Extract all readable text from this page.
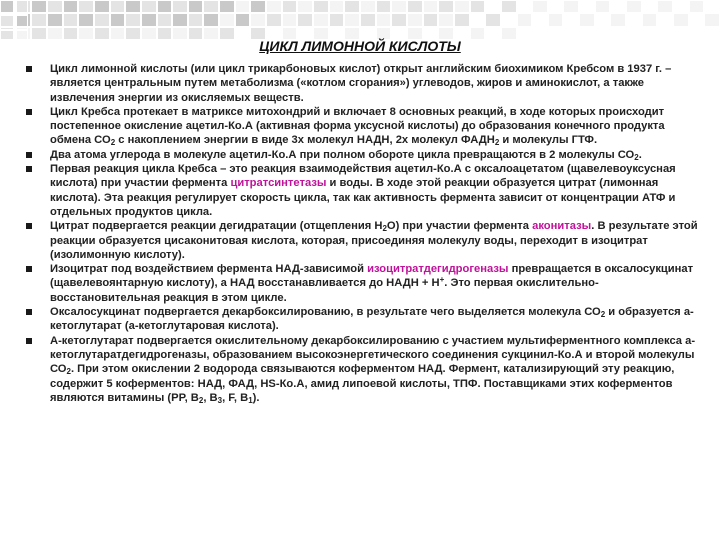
ЦИКЛ ЛИМОННОЙ КИСЛОТЫ
Цикл лимонной кислоты (или цикл трикарбоновых кислот) открыт английским биохимиком Кребсом в 1937 г. – является центральным путем метаболизма («котлом сгорания») углеводов, жиров и аминокислот, а также извлечения энергии из окисляемых веществ.
Цикл Кребса протекает в матриксе митохондрий и включает 8 основных реакций, в ходе которых происходит постепенное окисление ацетил-Ко.А (активная форма уксусной кислоты) до образования конечного продукта обмена $СО_2$ с накоплением энергии в виде 3х молекул НАДН, 2х молекул $ФАДН_2$ и молекулы ГТФ.
Два атома углерода в молекуле ацетил-Ко.А при полном обороте цикла превращаются в 2 молекулы $СО_2$.
Первая реакция цикла Кребса – это реакция взаимодействия ацетил-Ко.А с оксалоацетатом (щавелевоуксусная кислота) при участии фермента цитратсинтетазы и воды. В ходе этой реакции образуется цитрат (лимонная кислота). Эта реакция регулирует скорость цикла, так как активность фермента зависит от концентрации АТФ и отдельных продуктов цикла.
Цитрат подвергается реакции дегидратации (отщепления $Н_2О$) при участии фермента аконитазы. В результате этой реакции образуется цисаконитовая кислота, которая, присоединяя молекулу воды, переходит в изоцитрат (изолимонную кислоту).
Изоцитрат под воздействием фермента НАД-зависимой изоцитратдегидрогеназы превращается в оксалосукцинат (щавелевоянтарную кислоту), а НАД восстанавливается до НАДН + Н+. Это первая окислительно-восстановительная реакция в этом цикле.
Оксалосукцинат подвергается декарбоксилированию, в результате чего выделяется молекула $СО_2$ и образуется a-кетоглутарат (a-кетоглутаровая кислота).
A-кетоглутарат подвергается окислительному декарбоксилированию с участием мультиферментного комплекса a-кетоглутаратдегидрогеназы, образованием высокоэнергетического соединения сукцинил-Ко.А и второй молекулы $СО_2$. При этом окислении 2 водорода связываются коферментом НАД. Фермент, катализирующий эту реакцию, содержит 5 коферментов: НАД, ФАД, HS-Ко.А, амид липоевой кислоты, ТПФ. Поставщиками этих коферментов являются витамины (PP, $В_2$, $В_3$, F, $В_1$).
